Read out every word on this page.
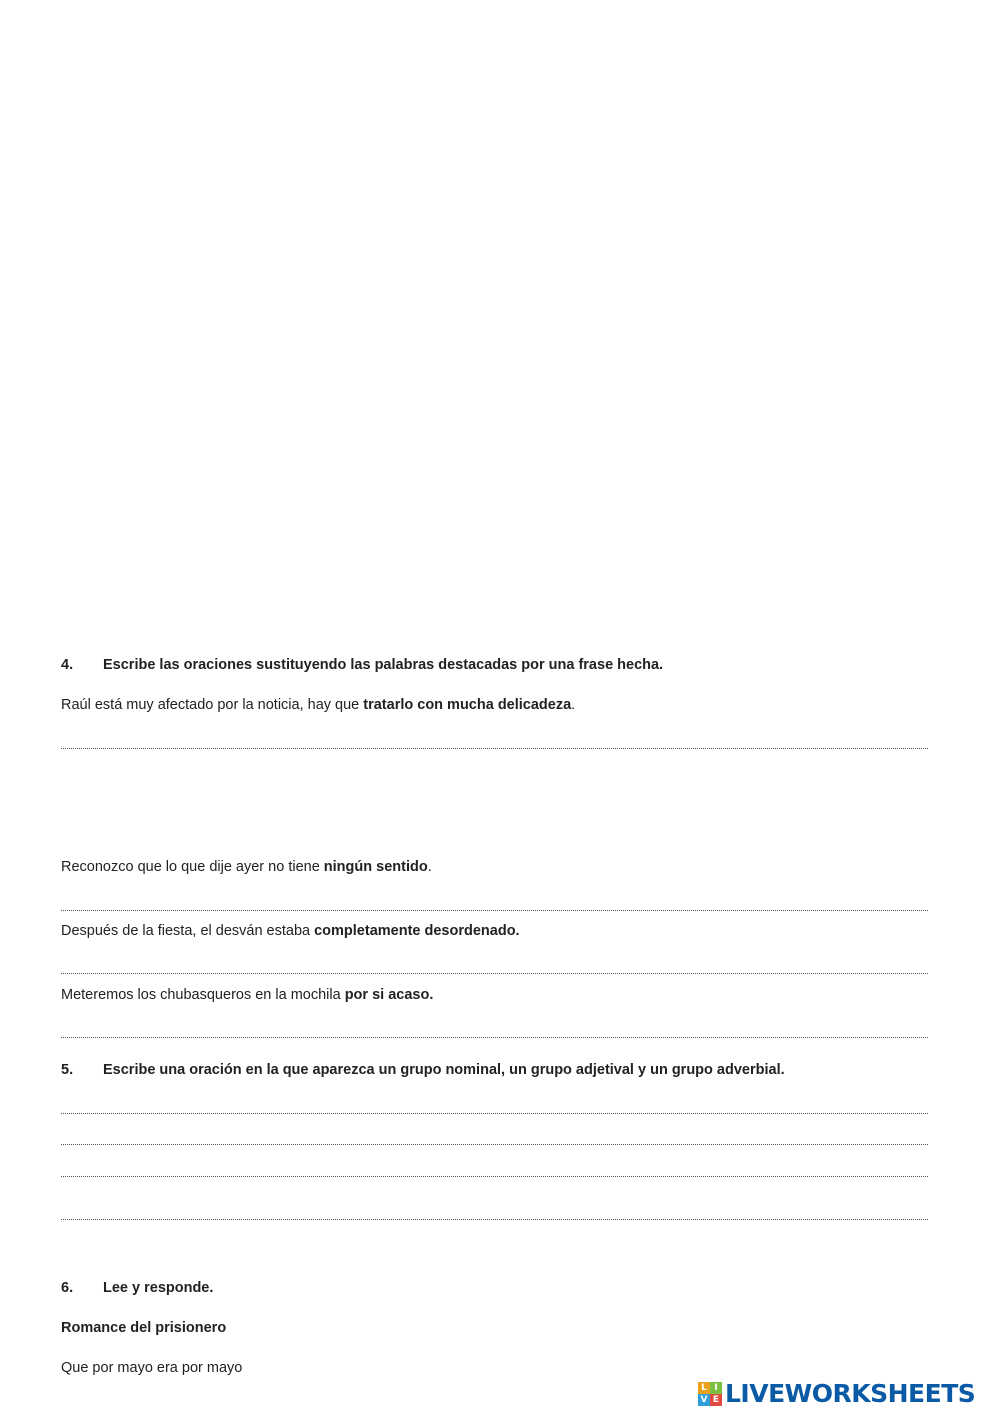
4. Escribe las oraciones sustituyendo las palabras destacadas por una frase hecha.
Raúl está muy afectado por la noticia, hay que tratarlo con mucha delicadeza.
Reconozco que lo que dije ayer no tiene ningún sentido.
Después de la fiesta, el desván estaba completamente desordenado.
Meteremos los chubasqueros en la mochila por si acaso.
5. Escribe una oración en la que aparezca un grupo nominal, un grupo adjetival y un grupo adverbial.
6. Lee y responde.
Romance del prisionero
Que por mayo era por mayo
L I
V E LIVEWORKSHEETS
